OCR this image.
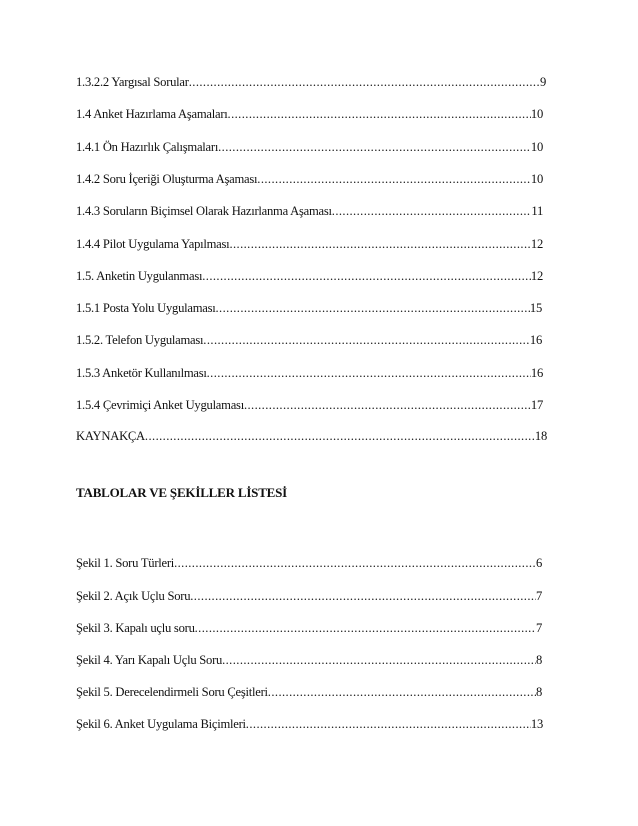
1.3.2.2 Yargısal Sorular .....	9
1.4 Anket Hazırlama Aşamaları .....	10
1.4.1 Ön Hazırlık Çalışmaları .....	10
1.4.2 Soru İçeriği Oluşturma Aşaması .....	10
1.4.3 Soruların Biçimsel Olarak Hazırlanma Aşaması .....	11
1.4.4 Pilot Uygulama Yapılması .....	12
1.5. Anketin Uygulanması .....	12
1.5.1 Posta Yolu Uygulaması .....	15
1.5.2. Telefon Uygulaması .....	16
1.5.3 Anketör Kullanılması .....	16
1.5.4 Çevrimiçi Anket Uygulaması .....	17
KAYNAKÇA .....	18
TABLOLAR VE ŞEKİLLER LİSTESİ
Şekil 1. Soru Türleri .....	6
Şekil 2. Açık Uçlu Soru .....	7
Şekil 3. Kapalı uçlu soru .....	7
Şekil 4. Yarı Kapalı Uçlu Soru .....	8
Şekil 5. Derecelendirmeli Soru Çeşitleri .....	8
Şekil 6. Anket Uygulama Biçimleri .....	13
